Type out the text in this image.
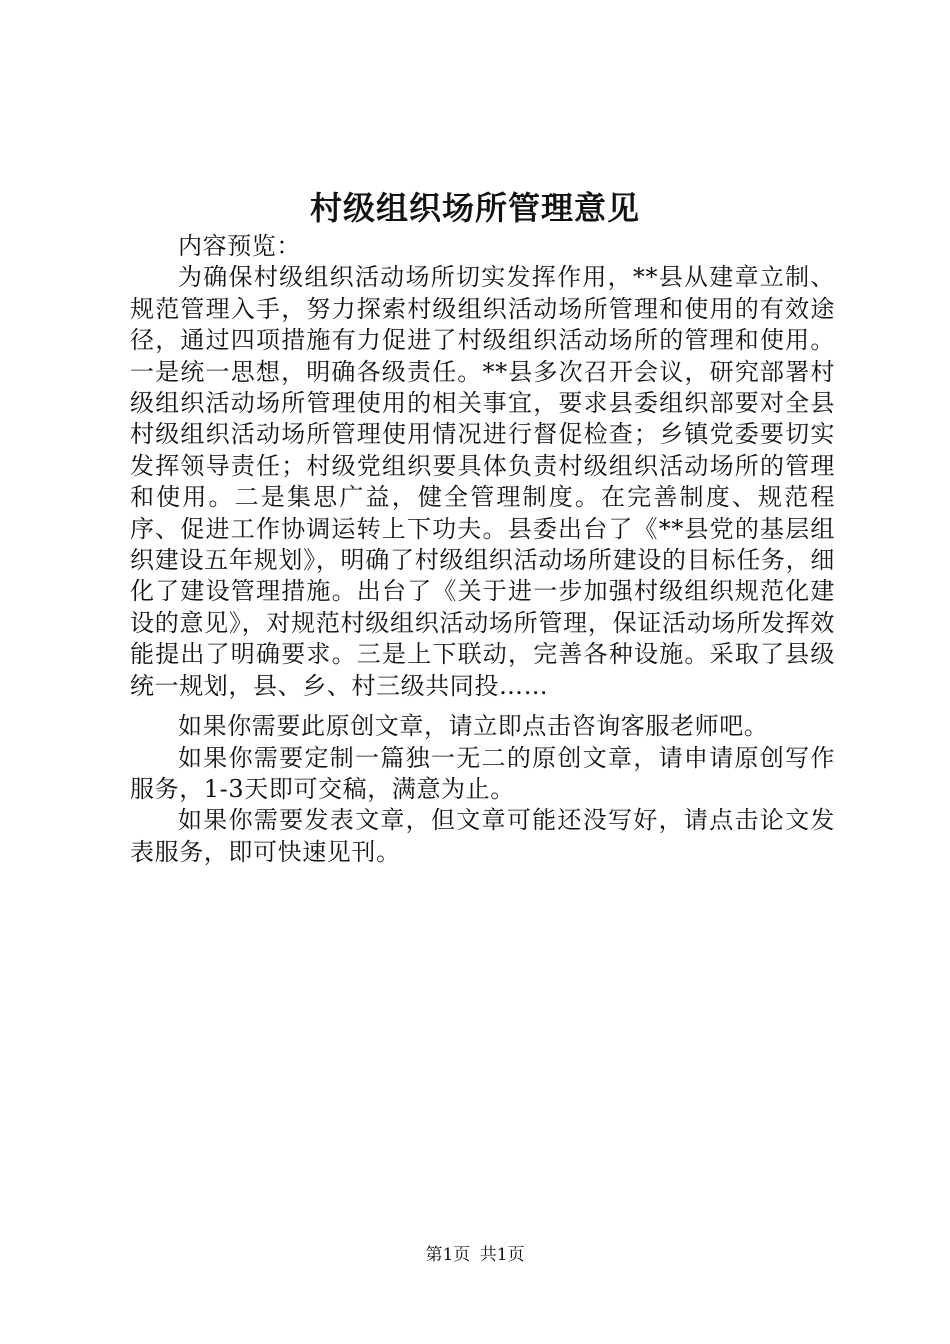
村级组织场所管理意见

内容预览：

为确保村级组织活动场所切实发挥作用，**县从建章立制、规范管理入手，努力探索村级组织活动场所管理和使用的有效途径，通过四项措施有力促进了村级组织活动场所的管理和使用。一是统一思想，明确各级责任。**县多次召开会议，研究部署村级组织活动场所管理使用的相关事宜，要求县委组织部要对全县村级组织活动场所管理使用情况进行督促检查；乡镇党委要切实发挥领导责任；村级党组织要具体负责村级组织活动场所的管理和使用。二是集思广益，健全管理制度。在完善制度、规范程序、促进工作协调运转上下功夫。县委出台了《**县党的基层组织建设五年规划》，明确了村级组织活动场所建设的目标任务，细化了建设管理措施。出台了《关于进一步加强村级组织规范化建设的意见》，对规范村级组织活动场所管理，保证活动场所发挥效能提出了明确要求。三是上下联动，完善各种设施。采取了县级统一规划，县、乡、村三级共同投……

如果你需要此原创文章，请立即点击咨询客服老师吧。

如果你需要定制一篇独一无二的原创文章，请申请原创写作服务，1-3天即可交稿，满意为止。

如果你需要发表文章，但文章可能还没写好，请点击论文发表服务，即可快速见刊。

第1页 共1页
